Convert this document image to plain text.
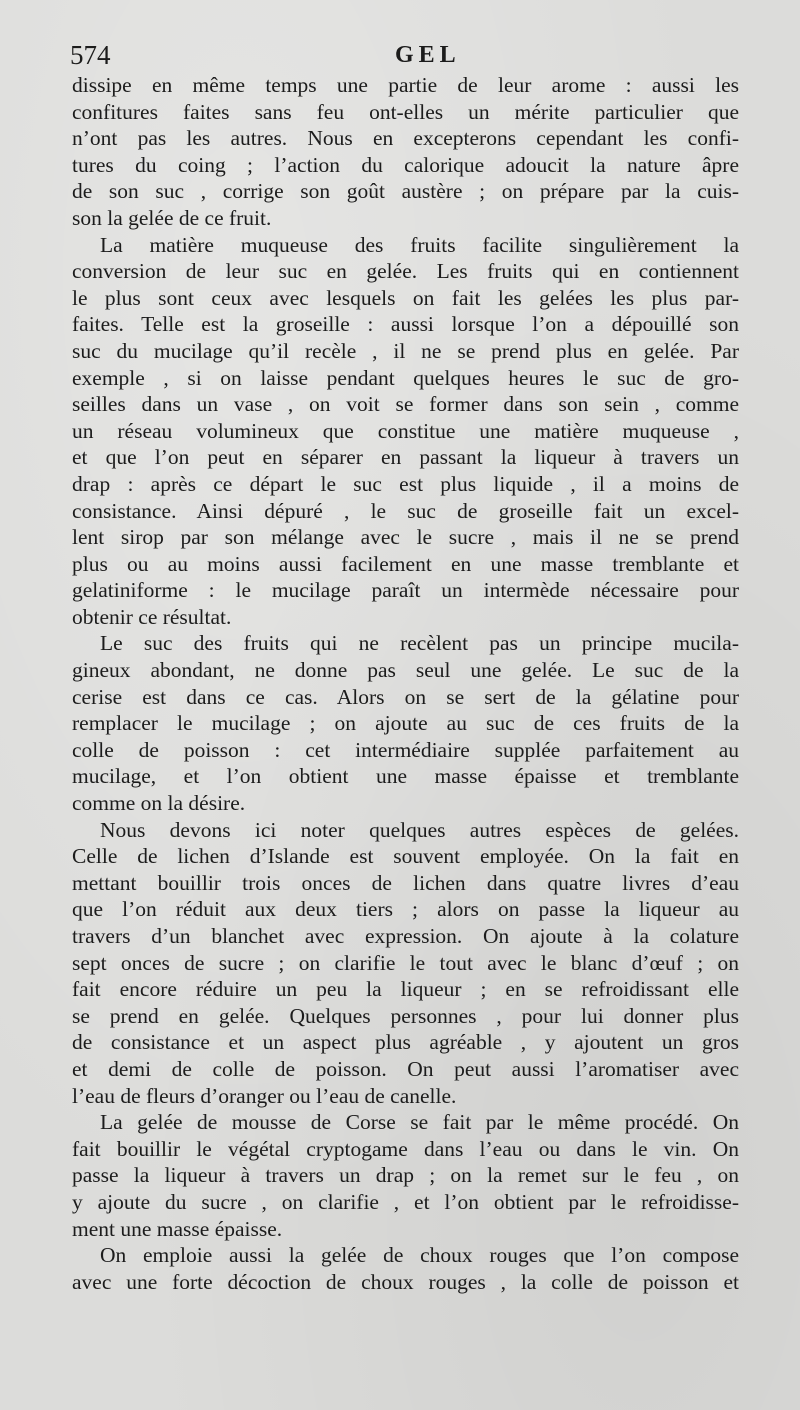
574	GEL

dissipe en même temps une partie de leur arome : aussi les
confitures faites sans feu ont-elles un mérite particulier que
n’ont pas les autres. Nous en excepterons cependant les confi-
tures du coing ; l’action du calorique adoucit la nature âpre
de son suc , corrige son goût austère ; on prépare par la cuis-
son la gelée de ce fruit.

La matière muqueuse des fruits facilite singulièrement la
conversion de leur suc en gelée. Les fruits qui en contiennent
le plus sont ceux avec lesquels on fait les gelées les plus par-
faites. Telle est la groseille : aussi lorsque l’on a dépouillé son
suc du mucilage qu’il recèle , il ne se prend plus en gelée. Par
exemple , si on laisse pendant quelques heures le suc de gro-
seilles dans un vase , on voit se former dans son sein , comme
un réseau volumineux que constitue une matière muqueuse ,
et que l’on peut en séparer en passant la liqueur à travers un
drap : après ce départ le suc est plus liquide , il a moins de
consistance. Ainsi dépuré , le suc de groseille fait un excel-
lent sirop par son mélange avec le sucre , mais il ne se prend
plus ou au moins aussi facilement en une masse tremblante et
gelatiniforme : le mucilage paraît un intermède nécessaire pour
obtenir ce résultat.

Le suc des fruits qui ne recèlent pas un principe mucila-
gineux abondant, ne donne pas seul une gelée. Le suc de la
cerise est dans ce cas. Alors on se sert de la gélatine pour
remplacer le mucilage ; on ajoute au suc de ces fruits de la
colle de poisson : cet intermédiaire supplée parfaitement au
mucilage, et l’on obtient une masse épaisse et tremblante
comme on la désire.

Nous devons ici noter quelques autres espèces de gelées.
Celle de lichen d’Islande est souvent employée. On la fait en
mettant bouillir trois onces de lichen dans quatre livres d’eau
que l’on réduit aux deux tiers ; alors on passe la liqueur au
travers d’un blanchet avec expression. On ajoute à la colature
sept onces de sucre ; on clarifie le tout avec le blanc d’œuf ; on
fait encore réduire un peu la liqueur ; en se refroidissant elle
se prend en gelée. Quelques personnes , pour lui donner plus
de consistance et un aspect plus agréable , y ajoutent un gros
et demi de colle de poisson. On peut aussi l’aromatiser avec
l’eau de fleurs d’oranger ou l’eau de canelle.

La gelée de mousse de Corse se fait par le même procédé. On
fait bouillir le végétal cryptogame dans l’eau ou dans le vin. On
passe la liqueur à travers un drap ; on la remet sur le feu , on
y ajoute du sucre , on clarifie , et l’on obtient par le refroidisse-
ment une masse épaisse.

On emploie aussi la gelée de choux rouges que l’on compose
avec une forte décoction de choux rouges , la colle de poisson et
